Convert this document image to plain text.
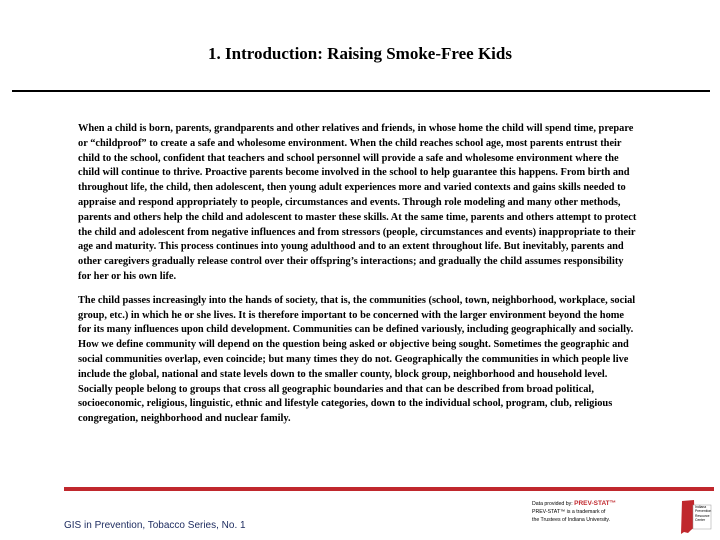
1. Introduction: Raising Smoke-Free Kids

When a child is born, parents, grandparents and other relatives and friends, in whose home the child will spend time, prepare or “childproof” to create a safe and wholesome environment. When the child reaches school age, most parents entrust their child to the school, confident that teachers and school personnel will provide a safe and wholesome environment where the child will continue to thrive. Proactive parents become involved in the school to help guarantee this happens. From birth and throughout life, the child, then adolescent, then young adult experiences more and varied contexts and gains skills needed to appraise and respond appropriately to people, circumstances and events. Through role modeling and many other methods, parents and others help the child and adolescent to master these skills. At the same time, parents and others attempt to protect the child and adolescent from negative influences and from stressors (people, circumstances and events) inappropriate to their age and maturity. This process continues into young adulthood and to an extent throughout life. But inevitably, parents and other caregivers gradually release control over their offspring’s interactions; and gradually the child assumes responsibility for her or his own life.

The child passes increasingly into the hands of society, that is, the communities (school, town, neighborhood, workplace, social group, etc.) in which he or she lives. It is therefore important to be concerned with the larger environment beyond the home for its many influences upon child development. Communities can be defined variously, including geographically and socially. How we define community will depend on the question being asked or objective being sought. Sometimes the geographic and social communities overlap, even coincide; but many times they do not. Geographically the communities in which people live include the global, national and state levels down to the smaller county, block group, neighborhood and household level. Socially people belong to groups that cross all geographic boundaries and that can be described from broad political, socioeconomic, religious, linguistic, ethnic and lifestyle categories, down to the individual school, program, club, religious congregation, neighborhood and nuclear family.

GIS in Prevention, Tobacco Series, No. 1
Data provided by: PREV-STAT™
PREV-STAT™ is a trademark of
the Trustees of Indiana University.
Indiana Prevention Resource Center
